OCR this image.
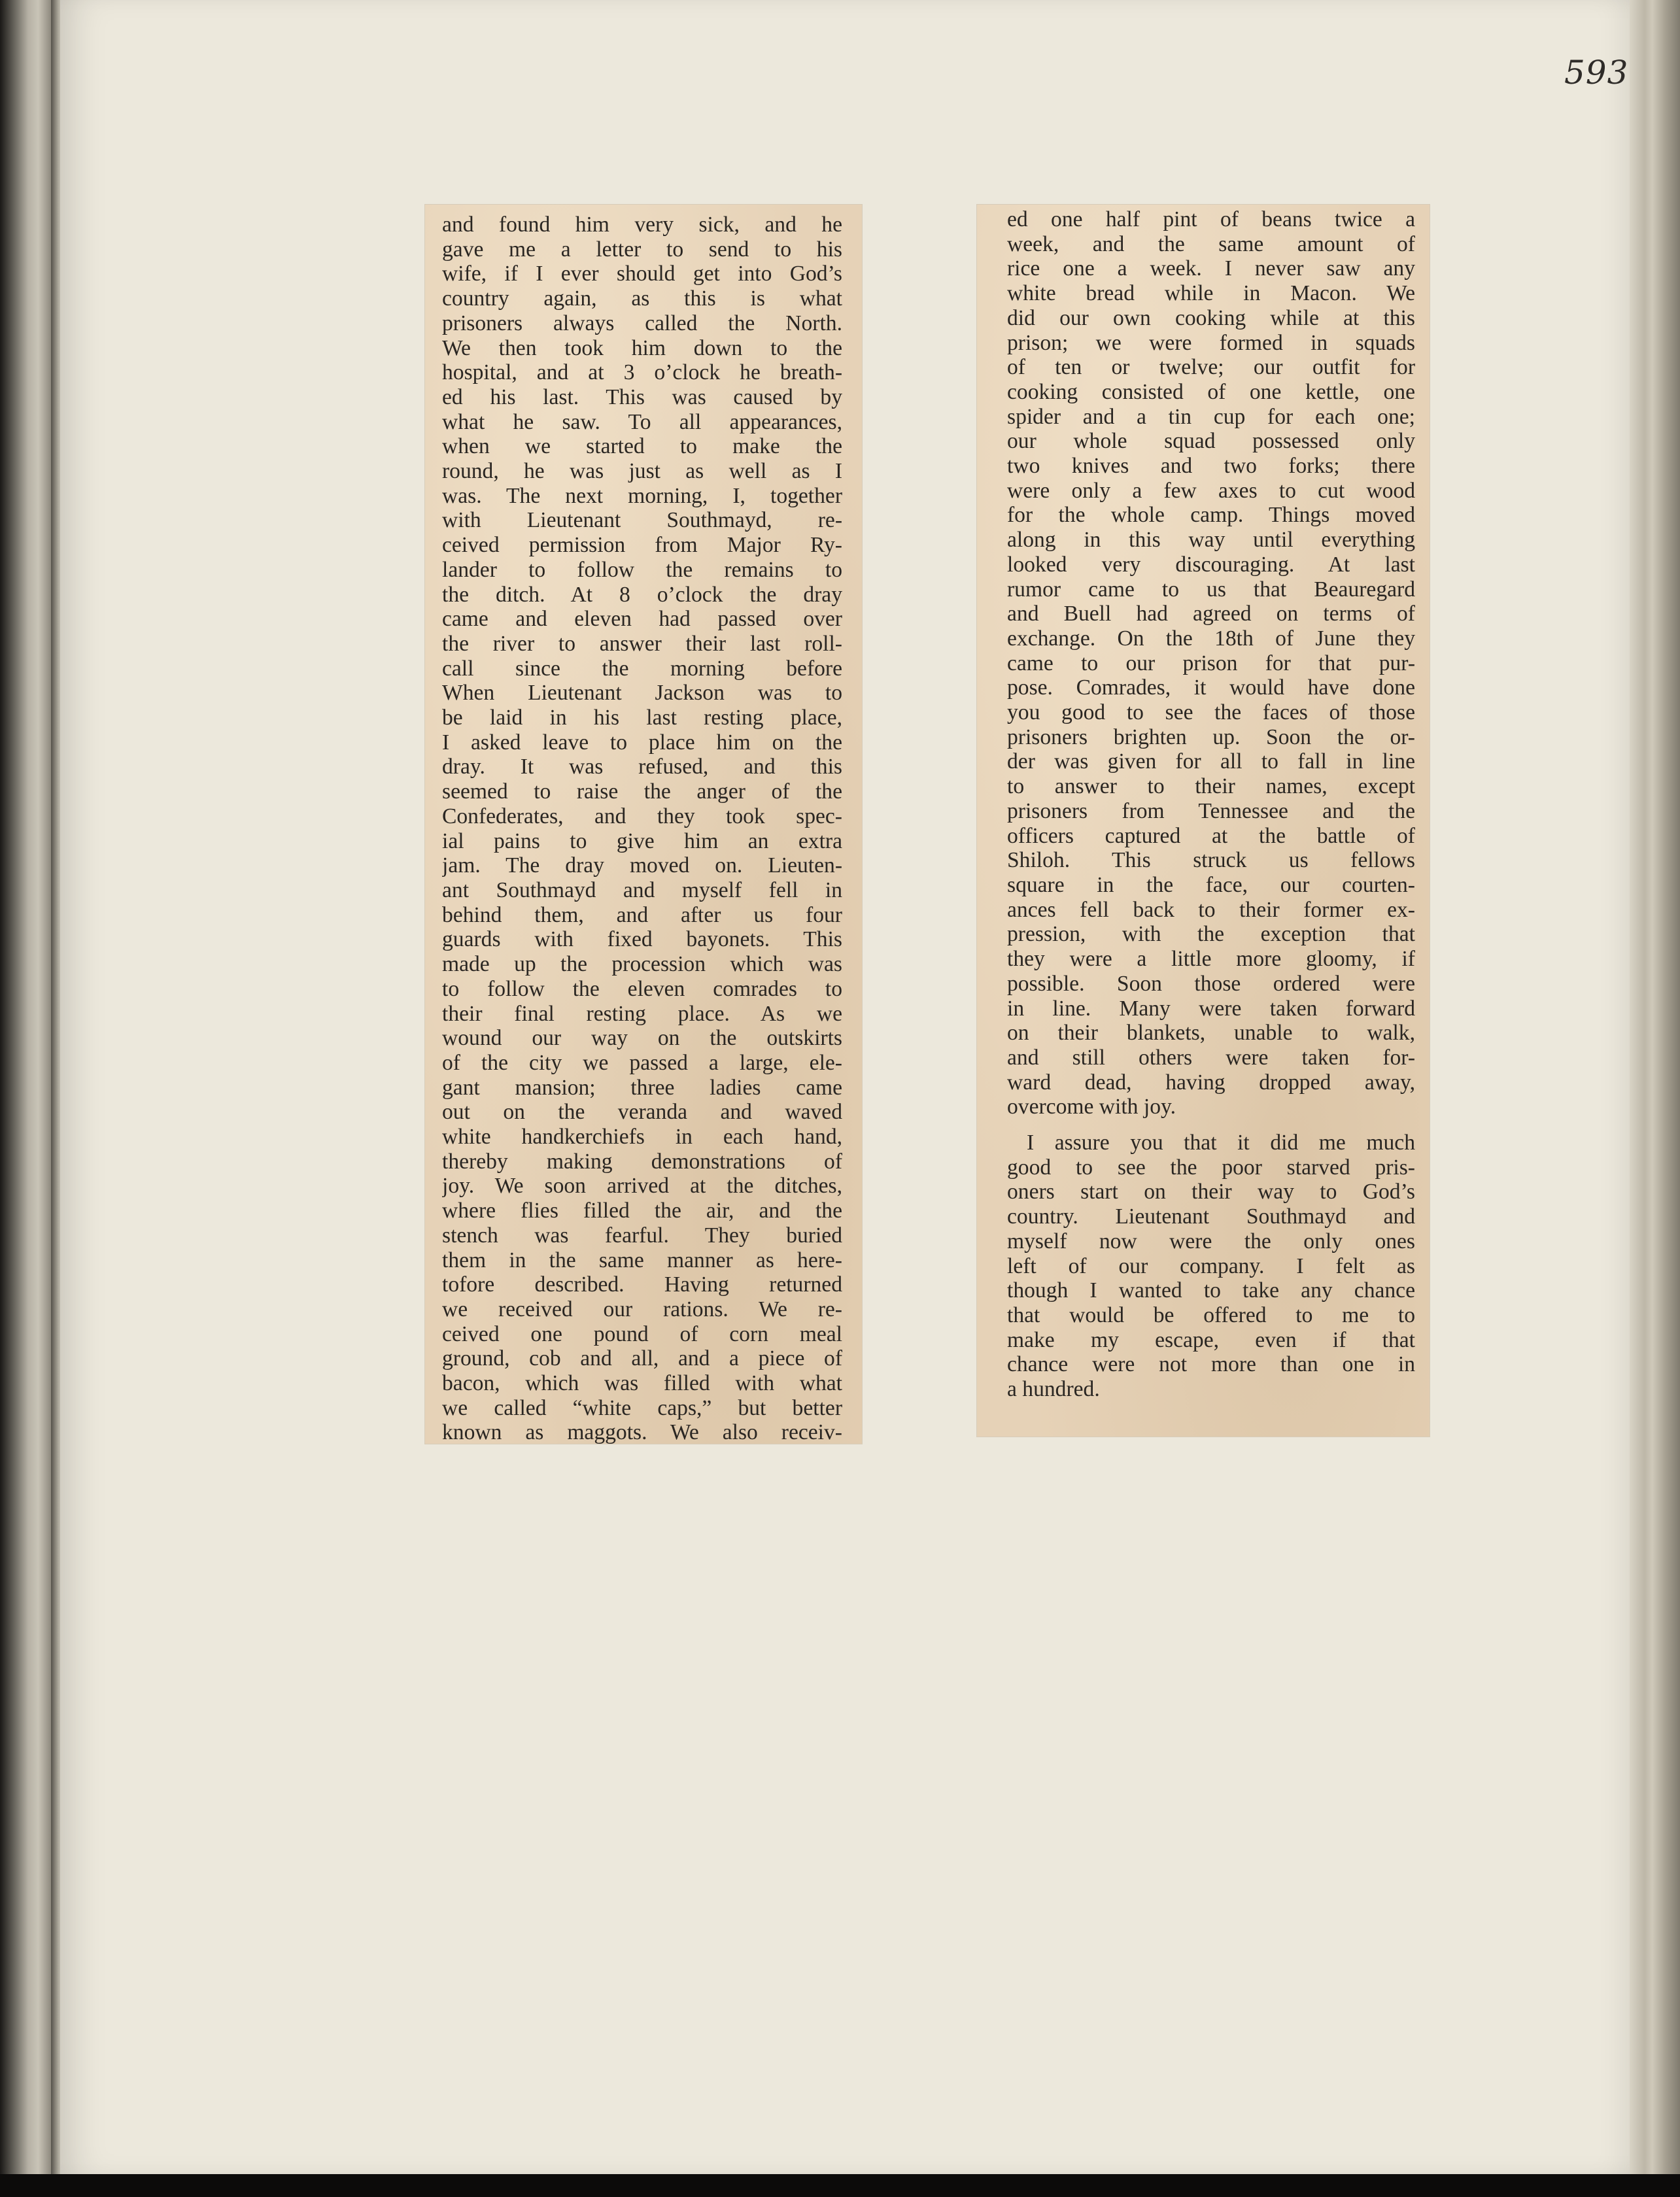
593
and found him very sick, and he
gave me a letter to send to his
wife, if I ever should get into God’s
country again, as this is what
prisoners always called the North.
We then took him down to the
hospital, and at 3 o’clock he breath-
ed his last. This was caused by
what he saw. To all appearances,
when we started to make the
round, he was just as well as I
was. The next morning, I, together
with Lieutenant Southmayd, re-
ceived permission from Major Ry-
lander to follow the remains to
the ditch. At 8 o’clock the dray
came and eleven had passed over
the river to answer their last roll-
call since the morning before
When Lieutenant Jackson was to
be laid in his last resting place,
I asked leave to place him on the
dray. It was refused, and this
seemed to raise the anger of the
Confederates, and they took spec-
ial pains to give him an extra
jam. The dray moved on. Lieuten-
ant Southmayd and myself fell in
behind them, and after us four
guards with fixed bayonets. This
made up the procession which was
to follow the eleven comrades to
their final resting place. As we
wound our way on the outskirts
of the city we passed a large, ele-
gant mansion; three ladies came
out on the veranda and waved
white handkerchiefs in each hand,
thereby making demonstrations of
joy. We soon arrived at the ditches,
where flies filled the air, and the
stench was fearful. They buried
them in the same manner as here-
tofore described. Having returned
we received our rations. We re-
ceived one pound of corn meal
ground, cob and all, and a piece of
bacon, which was filled with what
we called “white caps,” but better
known as maggots. We also receiv-
ed one half pint of beans twice a
week, and the same amount of
rice one a week. I never saw any
white bread while in Macon. We
did our own cooking while at this
prison; we were formed in squads
of ten or twelve; our outfit for
cooking consisted of one kettle, one
spider and a tin cup for each one;
our whole squad possessed only
two knives and two forks; there
were only a few axes to cut wood
for the whole camp. Things moved
along in this way until everything
looked very discouraging. At last
rumor came to us that Beauregard
and Buell had agreed on terms of
exchange. On the 18th of June they
came to our prison for that pur-
pose. Comrades, it would have done
you good to see the faces of those
prisoners brighten up. Soon the or-
der was given for all to fall in line
to answer to their names, except
prisoners from Tennessee and the
officers captured at the battle of
Shiloh. This struck us fellows
square in the face, our courten-
ances fell back to their former ex-
pression, with the exception that
they were a little more gloomy, if
possible. Soon those ordered were
in line. Many were taken forward
on their blankets, unable to walk,
and still others were taken for-
ward dead, having dropped away,
overcome with joy.
I assure you that it did me much
good to see the poor starved pris-
oners start on their way to God’s
country. Lieutenant Southmayd and
myself now were the only ones
left of our company. I felt as
though I wanted to take any chance
that would be offered to me to
make my escape, even if that
chance were not more than one in
a hundred.
